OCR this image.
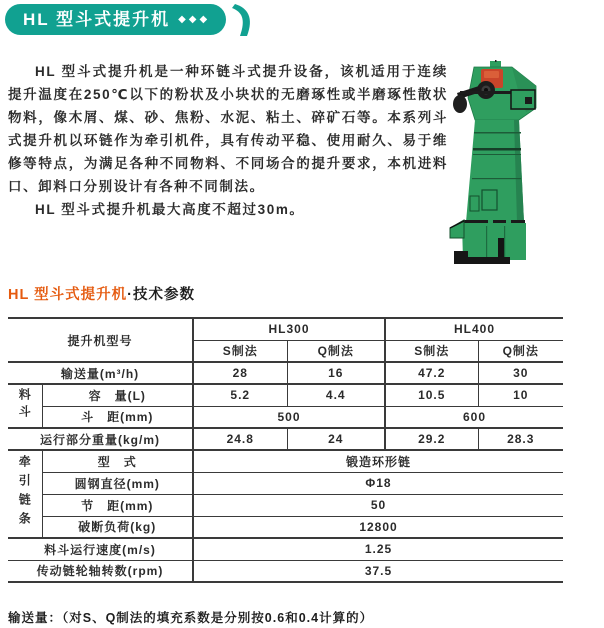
HL 型斗式提升机 ◆◆◆

HL 型斗式提升机是一种环链斗式提升设备，该机适用于连续提升温度在250℃以下的粉状及小块状的无磨琢性或半磨琢性散状物料，像木屑、煤、砂、焦粉、水泥、粘土、碎矿石等。本系列斗式提升机以环链作为牵引机件，具有传动平稳、使用耐久、易于维修等特点，为满足各种不同物料、不同场合的提升要求，本机进料口、卸料口分别设计有各种不同制法。

HL 型斗式提升机最大高度不超过30m。

HL 型斗式提升机·技术参数
提升机型号		HL300		HL400	
		S制法	Q制法	S制法	Q制法
输送量(m³/h)		28	16	47.2	30
料斗	容　量(L)	5.2	4.4	10.5	10
	斗　距(mm)	500		600	
运行部分重量(kg/m)		24.8	24	29.2	28.3
牵引链条	型　式	锻造环形链			
	圆钢直径(mm)	Φ18			
	节　距(mm)	50			
	破断负荷(kg)	12800			
料斗运行速度(m/s)		1.25			
传动链轮轴转数(rpm)		37.5			
输送量：（对S、Q制法的填充系数是分别按0.6和0.4计算的）
